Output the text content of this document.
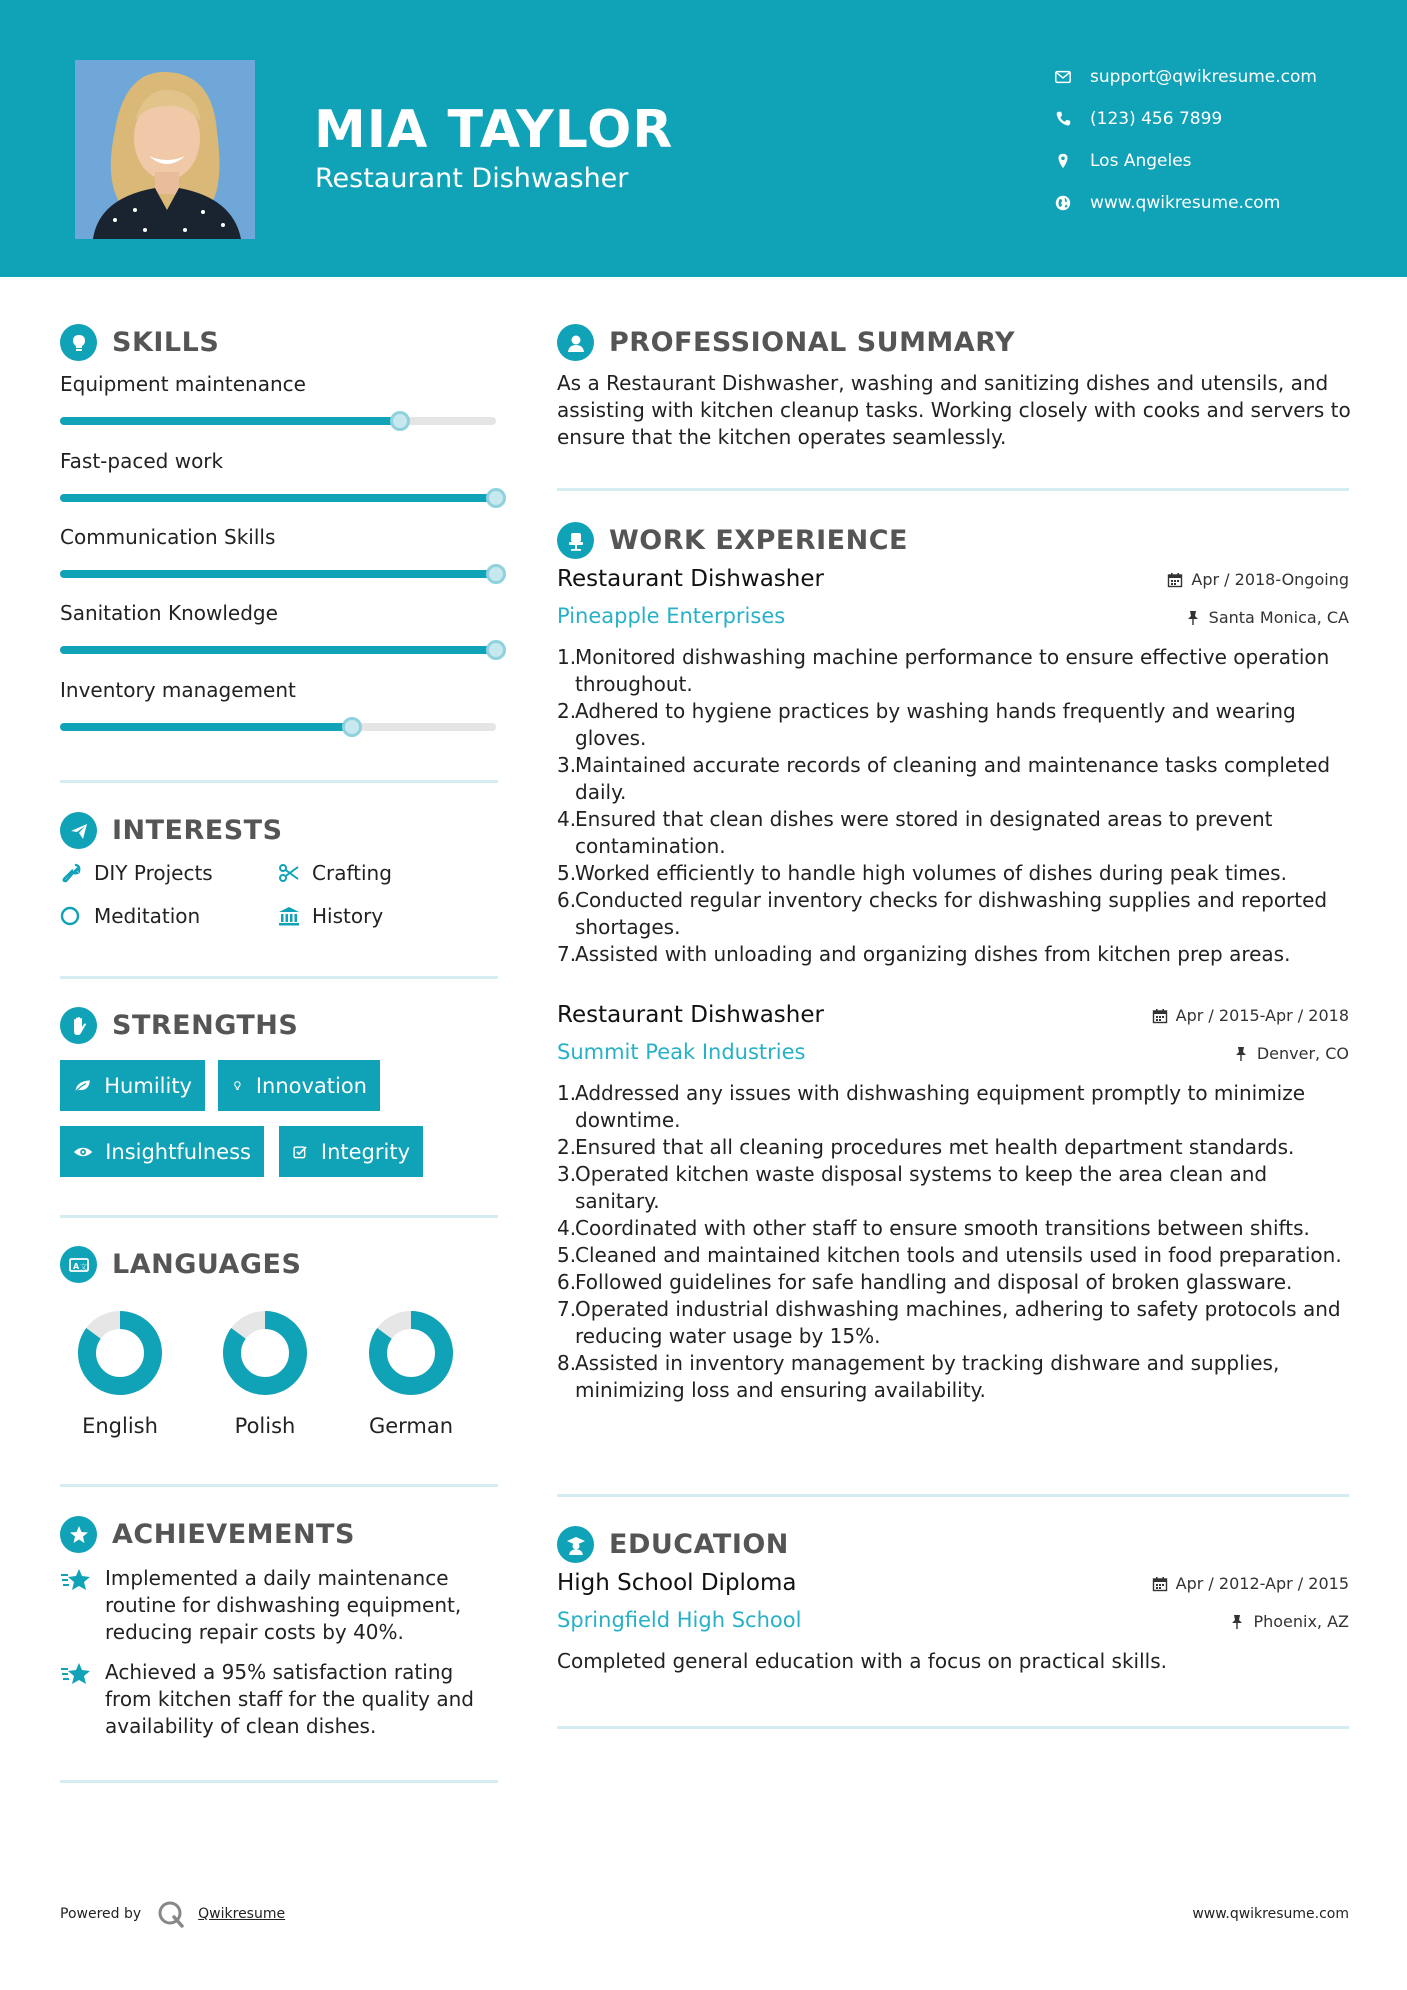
MIA TAYLOR
Restaurant Dishwasher
support@qwikresume.com
(123) 456 7899
Los Angeles
www.qwikresume.com
SKILLS
Equipment maintenance
Fast-paced work
Communication Skills
Sanitation Knowledge
Inventory management
INTERESTS
DIY Projects	Crafting
Meditation	History
STRENGTHS
Humility	Innovation
Insightfulness	Integrity
A 文 LANGUAGES
English	Polish	German
ACHIEVEMENTS
Implemented a daily maintenance routine for dishwashing equipment, reducing repair costs by 40%.
Achieved a 95% satisfaction rating from kitchen staff for the quality and availability of clean dishes.
PROFESSIONAL SUMMARY
As a Restaurant Dishwasher, washing and sanitizing dishes and utensils, and assisting with kitchen cleanup tasks. Working closely with cooks and servers to ensure that the kitchen operates seamlessly.
WORK EXPERIENCE
Restaurant Dishwasher	Apr / 2018-Ongoing
Pineapple Enterprises	Santa Monica, CA
1.
Monitored dishwashing machine performance to ensure effective operation throughout.
2.
Adhered to hygiene practices by washing hands frequently and wearing gloves.
3.
Maintained accurate records of cleaning and maintenance tasks completed daily.
4.
Ensured that clean dishes were stored in designated areas to prevent contamination.
5.
Worked efficiently to handle high volumes of dishes during peak times.
6.
Conducted regular inventory checks for dishwashing supplies and reported shortages.
7.
Assisted with unloading and organizing dishes from kitchen prep areas.
Restaurant Dishwasher	Apr / 2015-Apr / 2018
Summit Peak Industries	Denver, CO
1.
Addressed any issues with dishwashing equipment promptly to minimize downtime.
2.
Ensured that all cleaning procedures met health department standards.
3.
Operated kitchen waste disposal systems to keep the area clean and sanitary.
4.
Coordinated with other staff to ensure smooth transitions between shifts.
5.
Cleaned and maintained kitchen tools and utensils used in food preparation.
6.
Followed guidelines for safe handling and disposal of broken glassware.
7.
Operated industrial dishwashing machines, adhering to safety protocols and reducing water usage by 15%.
8.
Assisted in inventory management by tracking dishware and supplies, minimizing loss and ensuring availability.
EDUCATION
High School Diploma	Apr / 2012-Apr / 2015
Springfield High School	Phoenix, AZ
Completed general education with a focus on practical skills.
Powered by	Qwikresume	www.qwikresume.com
